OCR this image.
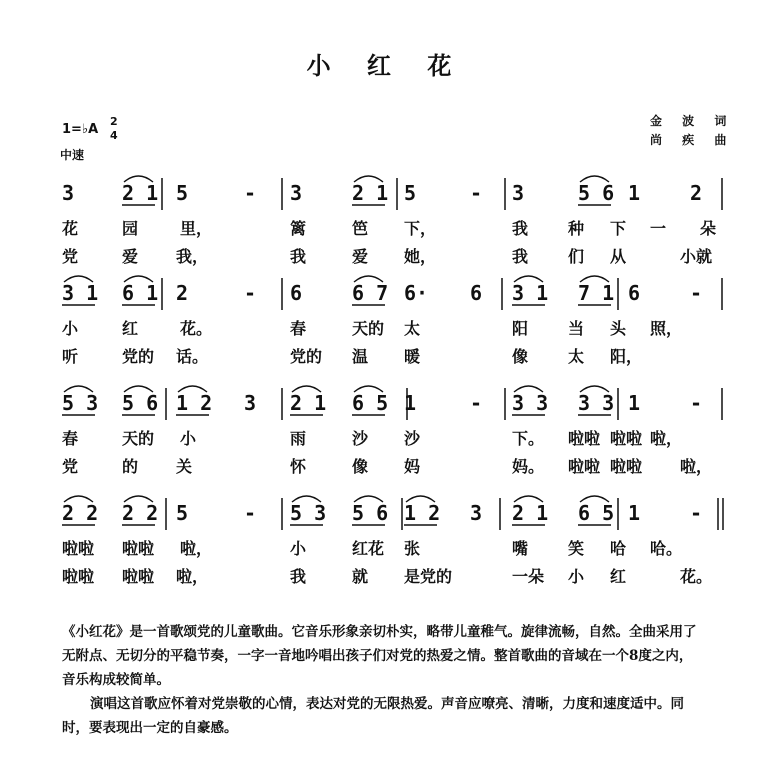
小 红 花
金 波 词
尚 疾 曲
1=♭A
2
4
中速
3 2 1 5	- 3 2 1 5	- 3	5 6 1 2
花	园	里，	篱	笆 下，	我 种 下 一 朵
党	爱 我，	我	爱 她，	我 们 从	小就
3 1 6 1 2	- 6 6 7 6· 6 3 1 7 1 6 -
小	红	花。	春	天的 太	阳 当 头 照，
听	党的 话。	党的 温 暖	像 太 阳，
5 3 5 6 1 2 3 2 1 6 5 1	- 3 3 3 3 1 -
春	天的 小	雨	沙 沙	下。 啦啦 啦啦 啦，
党	的 关	怀	像 妈	妈。 啦啦 啦啦 啦，
2 2 2 2 5	- 5 3 5 6 1 2 3 2 1 6 5 1 -
啦啦 啦啦 啦，	小	红花 张	嘴 笑 哈 哈。
啦啦 啦啦 啦，	我	就 是党的	一朵 小 红	花。

《小红花》是一首歌颂党的儿童歌曲。它音乐形象亲切朴实，略带儿童稚气。旋律流畅，自然。全曲采用了无附点、无切分的平稳节奏，一字一音地吟唱出孩子们对党的热爱之情。整首歌曲的音域在一个8度之内，音乐构成较简单。

演唱这首歌应怀着对党崇敬的心情，表达对党的无限热爱。声音应嘹亮、清晰，力度和速度适中。同时，要表现出一定的自豪感。
